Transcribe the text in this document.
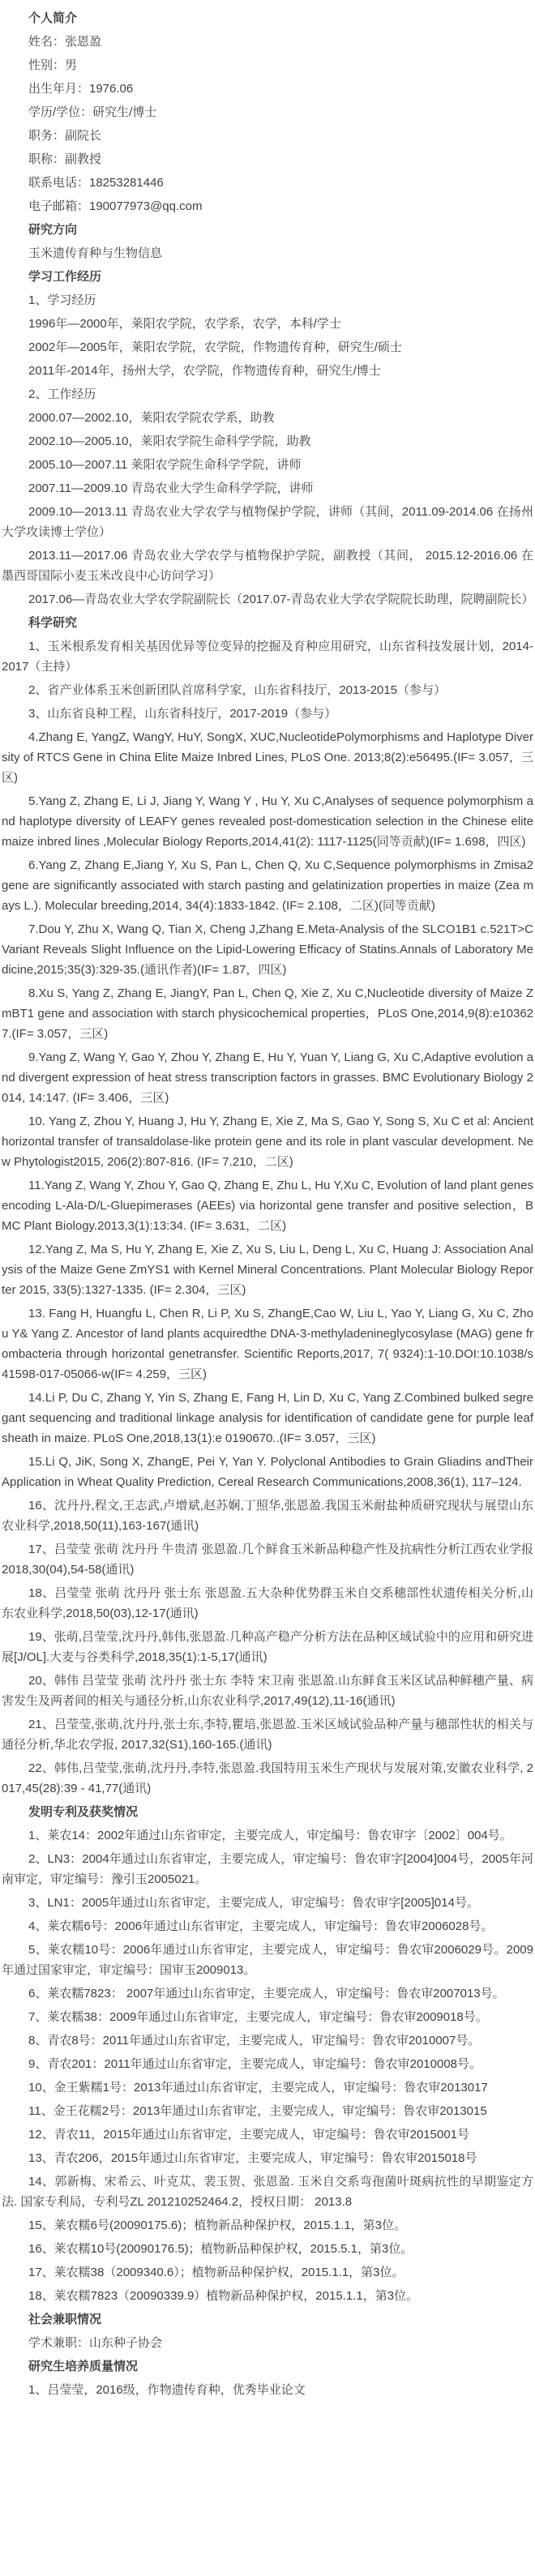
个人简介

姓名：张恩盈

性别：男

出生年月：1976.06

学历/学位：研究生/博士

职务：副院长

职称：副教授

联系电话：18253281446

电子邮箱：190077973@qq.com

研究方向

玉米遗传育种与生物信息

学习工作经历

1、学习经历

1996年—2000年，莱阳农学院，农学系，农学，本科/学士

2002年—2005年，莱阳农学院，农学院，作物遗传育种，研究生/硕士

2011年-2014年，扬州大学，农学院，作物遗传育种，研究生/博士

2、工作经历

2000.07—2002.10，莱阳农学院农学系，助教

2002.10—2005.10，莱阳农学院生命科学学院，助教

2005.10—2007.11 莱阳农学院生命科学学院，讲师

2007.11—2009.10 青岛农业大学生命科学学院，讲师

2009.10—2013.11 青岛农业大学农学与植物保护学院，讲师（其间，2011.09-2014.06 在扬州大学攻读博士学位）

2013.11—2017.06 青岛农业大学农学与植物保护学院，副教授（其间， 2015.12-2016.06 在墨西哥国际小麦玉米改良中心访问学习）

2017.06—青岛农业大学农学院副院长（2017.07-青岛农业大学农学院院长助理，院聘副院长）

科学研究

1、玉米根系发育相关基因优异等位变异的挖掘及育种应用研究，山东省科技发展计划，2014-2017（主持）

2、省产业体系玉米创新团队首席科学家，山东省科技厅，2013-2015（参与）

3、山东省良种工程，山东省科技厅，2017-2019（参与）

4.Zhang E, YangZ, WangY, HuY, SongX, XUC,NucleotidePolymorphisms and Haplotype Diversity of RTCS Gene in China Elite Maize Inbred Lines, PLoS One. 2013;8(2):e56495.(IF= 3.057，三区)

5.Yang Z, Zhang E, Li J, Jiang Y, Wang Y , Hu Y, Xu C,Analyses of sequence polymorphism and haplotype diversity of LEAFY genes revealed post-domestication selection in the Chinese elite maize inbred lines ,Molecular Biology Reports,2014,41(2): 1117-1125(同等贡献)(IF= 1.698，四区)

6.Yang Z, Zhang E,Jiang Y, Xu S, Pan L, Chen Q, Xu C,Sequence polymorphisms in Zmisa2 gene are significantly associated with starch pasting and gelatinization properties in maize (Zea mays L.). Molecular breeding,2014, 34(4):1833-1842. (IF= 2.108，二区)(同等贡献)

7.Dou Y, Zhu X, Wang Q, Tian X, Cheng J,Zhang E.Meta-Analysis of the SLCO1B1 c.521T>C Variant Reveals Slight Influence on the Lipid-Lowering Efficacy of Statins.Annals of Laboratory Medicine,2015;35(3):329-35.(通讯作者)(IF= 1.87，四区)

8.Xu S, Yang Z, Zhang E, JiangY, Pan L, Chen Q, Xie Z, Xu C,Nucleotide diversity of Maize ZmBT1 gene and association with starch physicochemical properties，PLoS One,2014,9(8):e103627.(IF= 3.057，三区)

9.Yang Z, Wang Y, Gao Y, Zhou Y, Zhang E, Hu Y, Yuan Y, Liang G, Xu C,Adaptive evolution and divergent expression of heat stress transcription factors in grasses. BMC Evolutionary Biology 2014, 14:147. (IF= 3.406，三区)

10. Yang Z, Zhou Y, Huang J, Hu Y, Zhang E, Xie Z, Ma S, Gao Y, Song S, Xu C et al: Ancient horizontal transfer of transaldolase-like protein gene and its role in plant vascular development. New Phytologist2015, 206(2):807-816. (IF= 7.210，二区)

11.Yang Z, Wang Y, Zhou Y, Gao Q, Zhang E, Zhu L, Hu Y,Xu C, Evolution of land plant genes encoding L-Ala-D/L-Gluepimerases (AEEs) via horizontal gene transfer and positive selection，BMC Plant Biology.2013,3(1):13:34. (IF= 3.631，二区)

12.Yang Z, Ma S, Hu Y, Zhang E, Xie Z, Xu S, Liu L, Deng L, Xu C, Huang J: Association Analysis of the Maize Gene ZmYS1 with Kernel Mineral Concentrations. Plant Molecular Biology Reporter 2015, 33(5):1327-1335. (IF= 2.304，三区)

13. Fang H, Huangfu L, Chen R, Li P, Xu S, ZhangE,Cao W, Liu L, Yao Y, Liang G, Xu C, Zhou Y& Yang Z. Ancestor of land plants acquiredthe DNA-3-methyladenineglycosylase (MAG) gene frombacteria through horizontal genetransfer. Scientific Reports,2017, 7( 9324):1-10.DOI:10.1038/s41598-017-05066-w(IF= 4.259，三区)

14.Li P, Du C, Zhang Y, Yin S, Zhang E, Fang H, Lin D, Xu C, Yang Z.Combined bulked segregant sequencing and traditional linkage analysis for identification of candidate gene for purple leaf sheath in maize. PLoS One,2018,13(1):e 0190670..(IF= 3.057，三区)

15.Li Q, JiK, Song X, ZhangE, Pei Y, Yan Y. Polyclonal Antibodies to Grain Gliadins andTheir Application in Wheat Quality Prediction, Cereal Research Communications,2008,36(1), 117–124.

16、沈丹丹,程文,王志武,卢增斌,赵苏娴,丁照华,张恩盈.我国玉米耐盐种质研究现状与展望山东农业科学,2018,50(11),163-167(通讯)

17、吕莹莹 张萌 沈丹丹 牛贵清 张恩盈.几个鲜食玉米新品种稳产性及抗病性分析江西农业学报 2018,30(04),54-58(通讯)

18、吕莹莹 张萌 沈丹丹 张士东 张恩盈.五大杂种优势群玉米自交系穗部性状遗传相关分析,山东农业科学,2018,50(03),12-17(通讯)

19、张萌,吕莹莹,沈丹丹,韩伟,张恩盈.几种高产稳产分析方法在品种区域试验中的应用和研究进展[J/OL].大麦与谷类科学,2018,35(1):1-5,17(通讯)

20、韩伟 吕莹莹 张萌 沈丹丹 张士东 李特 宋卫南 张恩盈.山东鲜食玉米区试品种鲜穗产量、病害发生及两者间的相关与通径分析,山东农业科学,2017,49(12),11-16(通讯)

21、吕莹莹,张萌,沈丹丹,张士东,李特,瞿培,张恩盈.玉米区域试验品种产量与穗部性状的相关与通径分析,华北农学报, 2017,32(S1),160-165.(通讯)

22、韩伟,吕莹莹,张萌,沈丹丹,李特,张恩盈.我国特用玉米生产现状与发展对策,安徽农业科学, 2017,45(28):39 - 41,77(通讯)

发明专利及获奖情况

1、莱农14：2002年通过山东省审定，主要完成人，审定编号：鲁农审字〔2002〕004号。

2、LN3：2004年通过山东省审定，主要完成人，审定编号：鲁农审字[2004]004号，2005年河南审定，审定编号：豫引玉2005021。

3、LN1：2005年通过山东省审定，主要完成人，审定编号：鲁农审字[2005]014号。

4、莱农糯6号：2006年通过山东省审定，主要完成人，审定编号：鲁农审2006028号。

5、莱农糯10号：2006年通过山东省审定，主要完成人，审定编号：鲁农审2006029号。2009年通过国家审定，审定编号：国审玉2009013。

6、莱农糯7823： 2007年通过山东省审定，主要完成人，审定编号：鲁农审2007013号。

7、莱农糯38：2009年通过山东省审定，主要完成人，审定编号：鲁农审2009018号。

8、青农8号：2011年通过山东省审定，主要完成人，审定编号：鲁农审2010007号。

9、青农201：2011年通过山东省审定，主要完成人，审定编号：鲁农审2010008号。

10、金王紫糯1号：2013年通过山东省审定，主要完成人，审定编号：鲁农审2013017

11、金王花糯2号：2013年通过山东省审定，主要完成人，审定编号：鲁农审2013015

12、青农11，2015年通过山东省审定，主要完成人，审定编号：鲁农审2015001号

13、青农206，2015年通过山东省审定，主要完成人，审定编号：鲁农审2015018号

14、郭新梅、宋希云、叶克苁、裴玉贺、张恩盈. 玉米自交系弯孢菌叶斑病抗性的早期鉴定方法. 国家专利局，专利号ZL 201210252464.2，授权日期： 2013.8

15、莱农糯6号(20090175.6)；植物新品种保护权，2015.1.1，第3位。

16、莱农糯10号(20090176.5)；植物新品种保护权，2015.5.1，第3位。

17、莱农糯38（2009340.6）；植物新品种保护权，2015.1.1，第3位。

18、莱农糯7823（20090339.9）植物新品种保护权，2015.1.1，第3位。

社会兼职情况

学术兼职：山东种子协会

研究生培养质量情况

1、吕莹莹，2016级，作物遗传育种，优秀毕业论文
